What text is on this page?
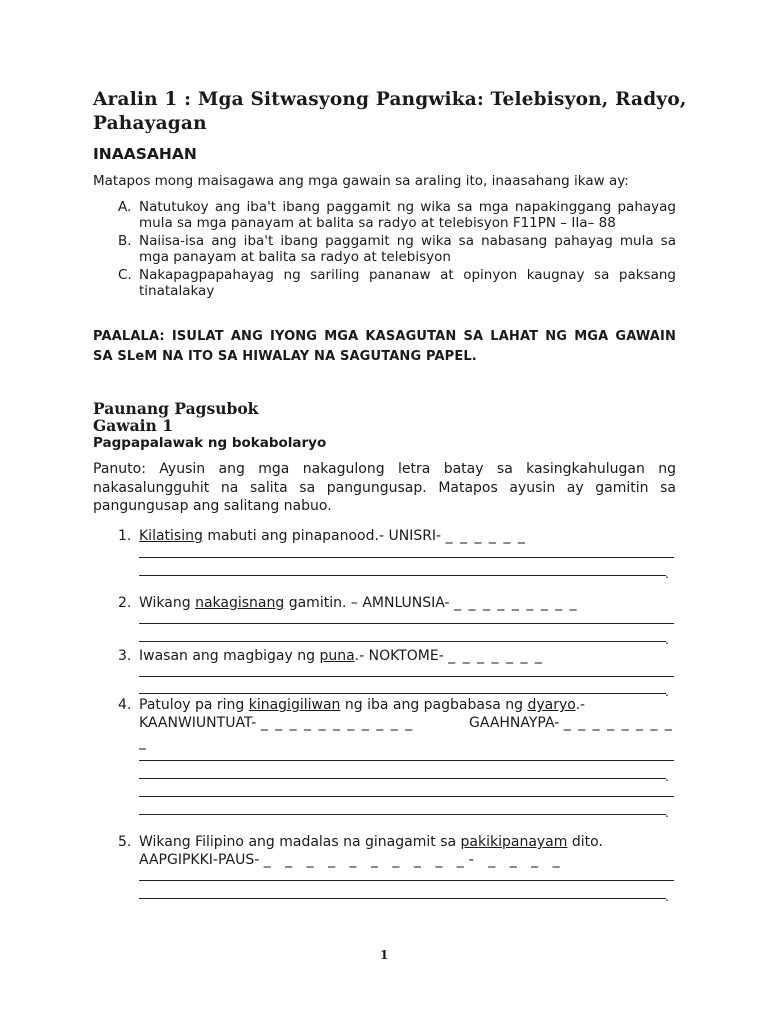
Aralin 1 : Mga Sitwasyong Pangwika: Telebisyon, Radyo, Pahayagan
INAASAHAN
Matapos mong maisagawa ang mga gawain sa araling ito, inaasahang ikaw ay:
A. Natutukoy ang iba't ibang paggamit ng wika sa mga napakinggang pahayag mula sa mga panayam at balita sa radyo at telebisyon F11PN – IIa– 88
B. Naiisa-isa ang iba't ibang paggamit ng wika sa nabasang pahayag mula sa mga panayam at balita sa radyo at telebisyon
C. Nakapagpapahayag ng sariling pananaw at opinyon kaugnay sa paksang tinatalakay
PAALALA: ISULAT ANG IYONG MGA KASAGUTAN SA LAHAT NG MGA GAWAIN SA SLeM NA ITO SA HIWALAY NA SAGUTANG PAPEL.
Paunang Pagsubok
Gawain 1
Pagpapalawak ng bokabolaryo

Panuto: Ayusin ang mga nakagulong letra batay sa kasingkahulugan ng nakasalungguhit na salita sa pangungusap. Matapos ayusin ay gamitin sa pangungusap ang salitang nabuo.

1. Kilatising mabuti ang pinapanood.- UNISRI- _ _ _ _ _ _
.
2. Wikang nakagisnang gamitin. – AMNLUNSIA- _ _ _ _ _ _ _ _ _
.
3. Iwasan ang magbigay ng puna.- NOKTOME- _ _ _ _ _ _ _
.
4. Patuloy pa ring kinagigiliwan ng iba ang pagbabasa ng dyaryo.-
KAANWIUNTUAT- _ _ _ _ _ _ _ _ _ _ _	GAAHNAYPA- _ _ _ _ _ _ _ _
_
.
.
5. Wikang Filipino ang madalas na ginagamit sa pakikipanayam dito.
AAPGIPKKI-PAUS- _ _ _ _ _ _ _ _ _ _- _ _ _ _
.
1
